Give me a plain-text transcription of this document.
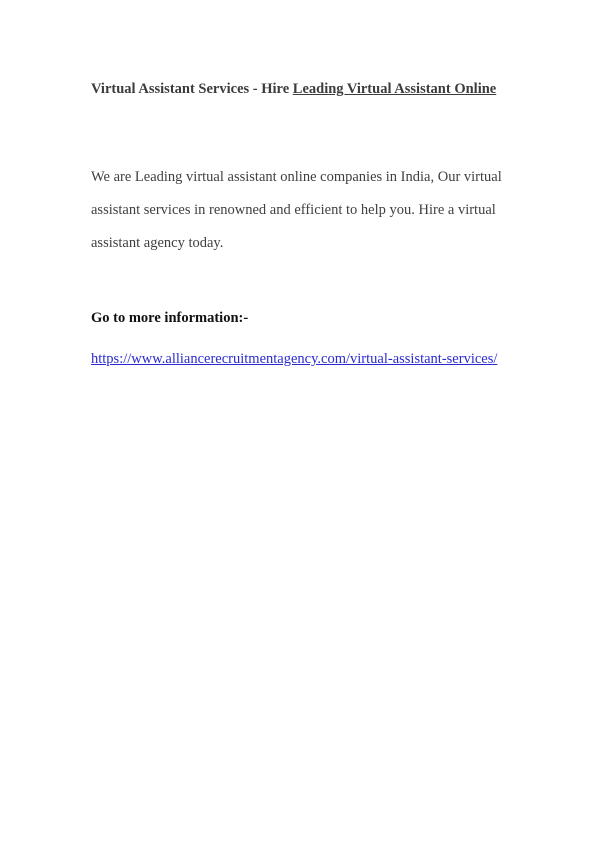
Virtual Assistant Services - Hire Leading Virtual Assistant Online
We are Leading virtual assistant online companies in India, Our virtual assistant services in renowned and efficient to help you. Hire a virtual assistant agency today.
Go to more information:-
https://www.alliancerecruitmentagency.com/virtual-assistant-services/
